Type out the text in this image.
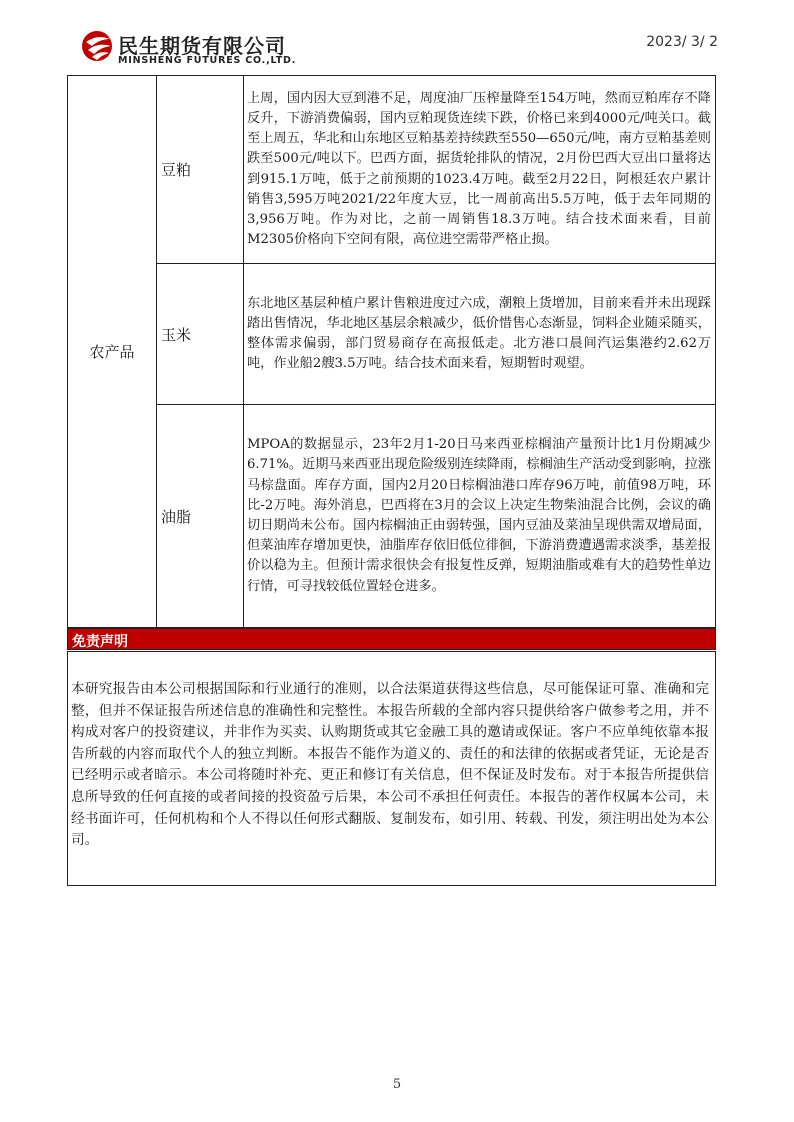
民生期货有限公司
MINSHENG FUTURES CO.,LTD.
2023/ 3/ 2
农产品	豆粕	上周，国内因大豆到港不足，周度油厂压榨量降至154万吨，然而豆粕库存不降反升，下游消费偏弱，国内豆粕现货连续下跌，价格已来到4000元/吨关口。截至上周五，华北和山东地区豆粕基差持续跌至550—650元/吨，南方豆粕基差则跌至500元/吨以下。巴西方面，据货轮排队的情况，2月份巴西大豆出口量将达到915.1万吨，低于之前预期的1023.4万吨。截至2月22日，阿根廷农户累计销售3,595万吨2021/22年度大豆，比一周前高出5.5万吨，低于去年同期的3,956万吨。作为对比，之前一周销售18.3万吨。结合技术面来看，目前M2305价格向下空间有限，高位进空需带严格止损。
	玉米	东北地区基层种植户累计售粮进度过六成，潮粮上货增加，目前来看并未出现踩踏出售情况，华北地区基层余粮减少，低价惜售心态渐显，饲料企业随采随买，整体需求偏弱，部门贸易商存在高报低走。北方港口晨间汽运集港约2.62万吨，作业船2艘3.5万吨。结合技术面来看，短期暂时观望。
	油脂	MPOA的数据显示，23年2月1-20日马来西亚棕榈油产量预计比1月份期减少6.71%。近期马来西亚出现危险级别连续降雨，棕榈油生产活动受到影响，拉涨马棕盘面。库存方面，国内2月20日棕榈油港口库存96万吨，前值98万吨，环比-2万吨。海外消息，巴西将在3月的会议上决定生物柴油混合比例，会议的确切日期尚未公布。国内棕榈油正由弱转强，国内豆油及菜油呈现供需双增局面，但菜油库存增加更快，油脂库存依旧低位徘徊，下游消费遭遇需求淡季，基差报价以稳为主。但预计需求很快会有报复性反弹，短期油脂或难有大的趋势性单边行情，可寻找较低位置轻仓进多。
免责声明
本研究报告由本公司根据国际和行业通行的准则，以合法渠道获得这些信息，尽可能保证可靠、准确和完整，但并不保证报告所述信息的准确性和完整性。本报告所载的全部内容只提供给客户做参考之用，并不构成对客户的投资建议，并非作为买卖、认购期货或其它金融工具的邀请或保证。客户不应单纯依靠本报告所载的内容而取代个人的独立判断。本报告不能作为道义的、责任的和法律的依据或者凭证，无论是否已经明示或者暗示。本公司将随时补充、更正和修订有关信息，但不保证及时发布。对于本报告所提供信息所导致的任何直接的或者间接的投资盈亏后果，本公司不承担任何责任。本报告的著作权属本公司，未经书面许可，任何机构和个人不得以任何形式翻版、复制发布，如引用、转载、刊发，须注明出处为本公司。
5
